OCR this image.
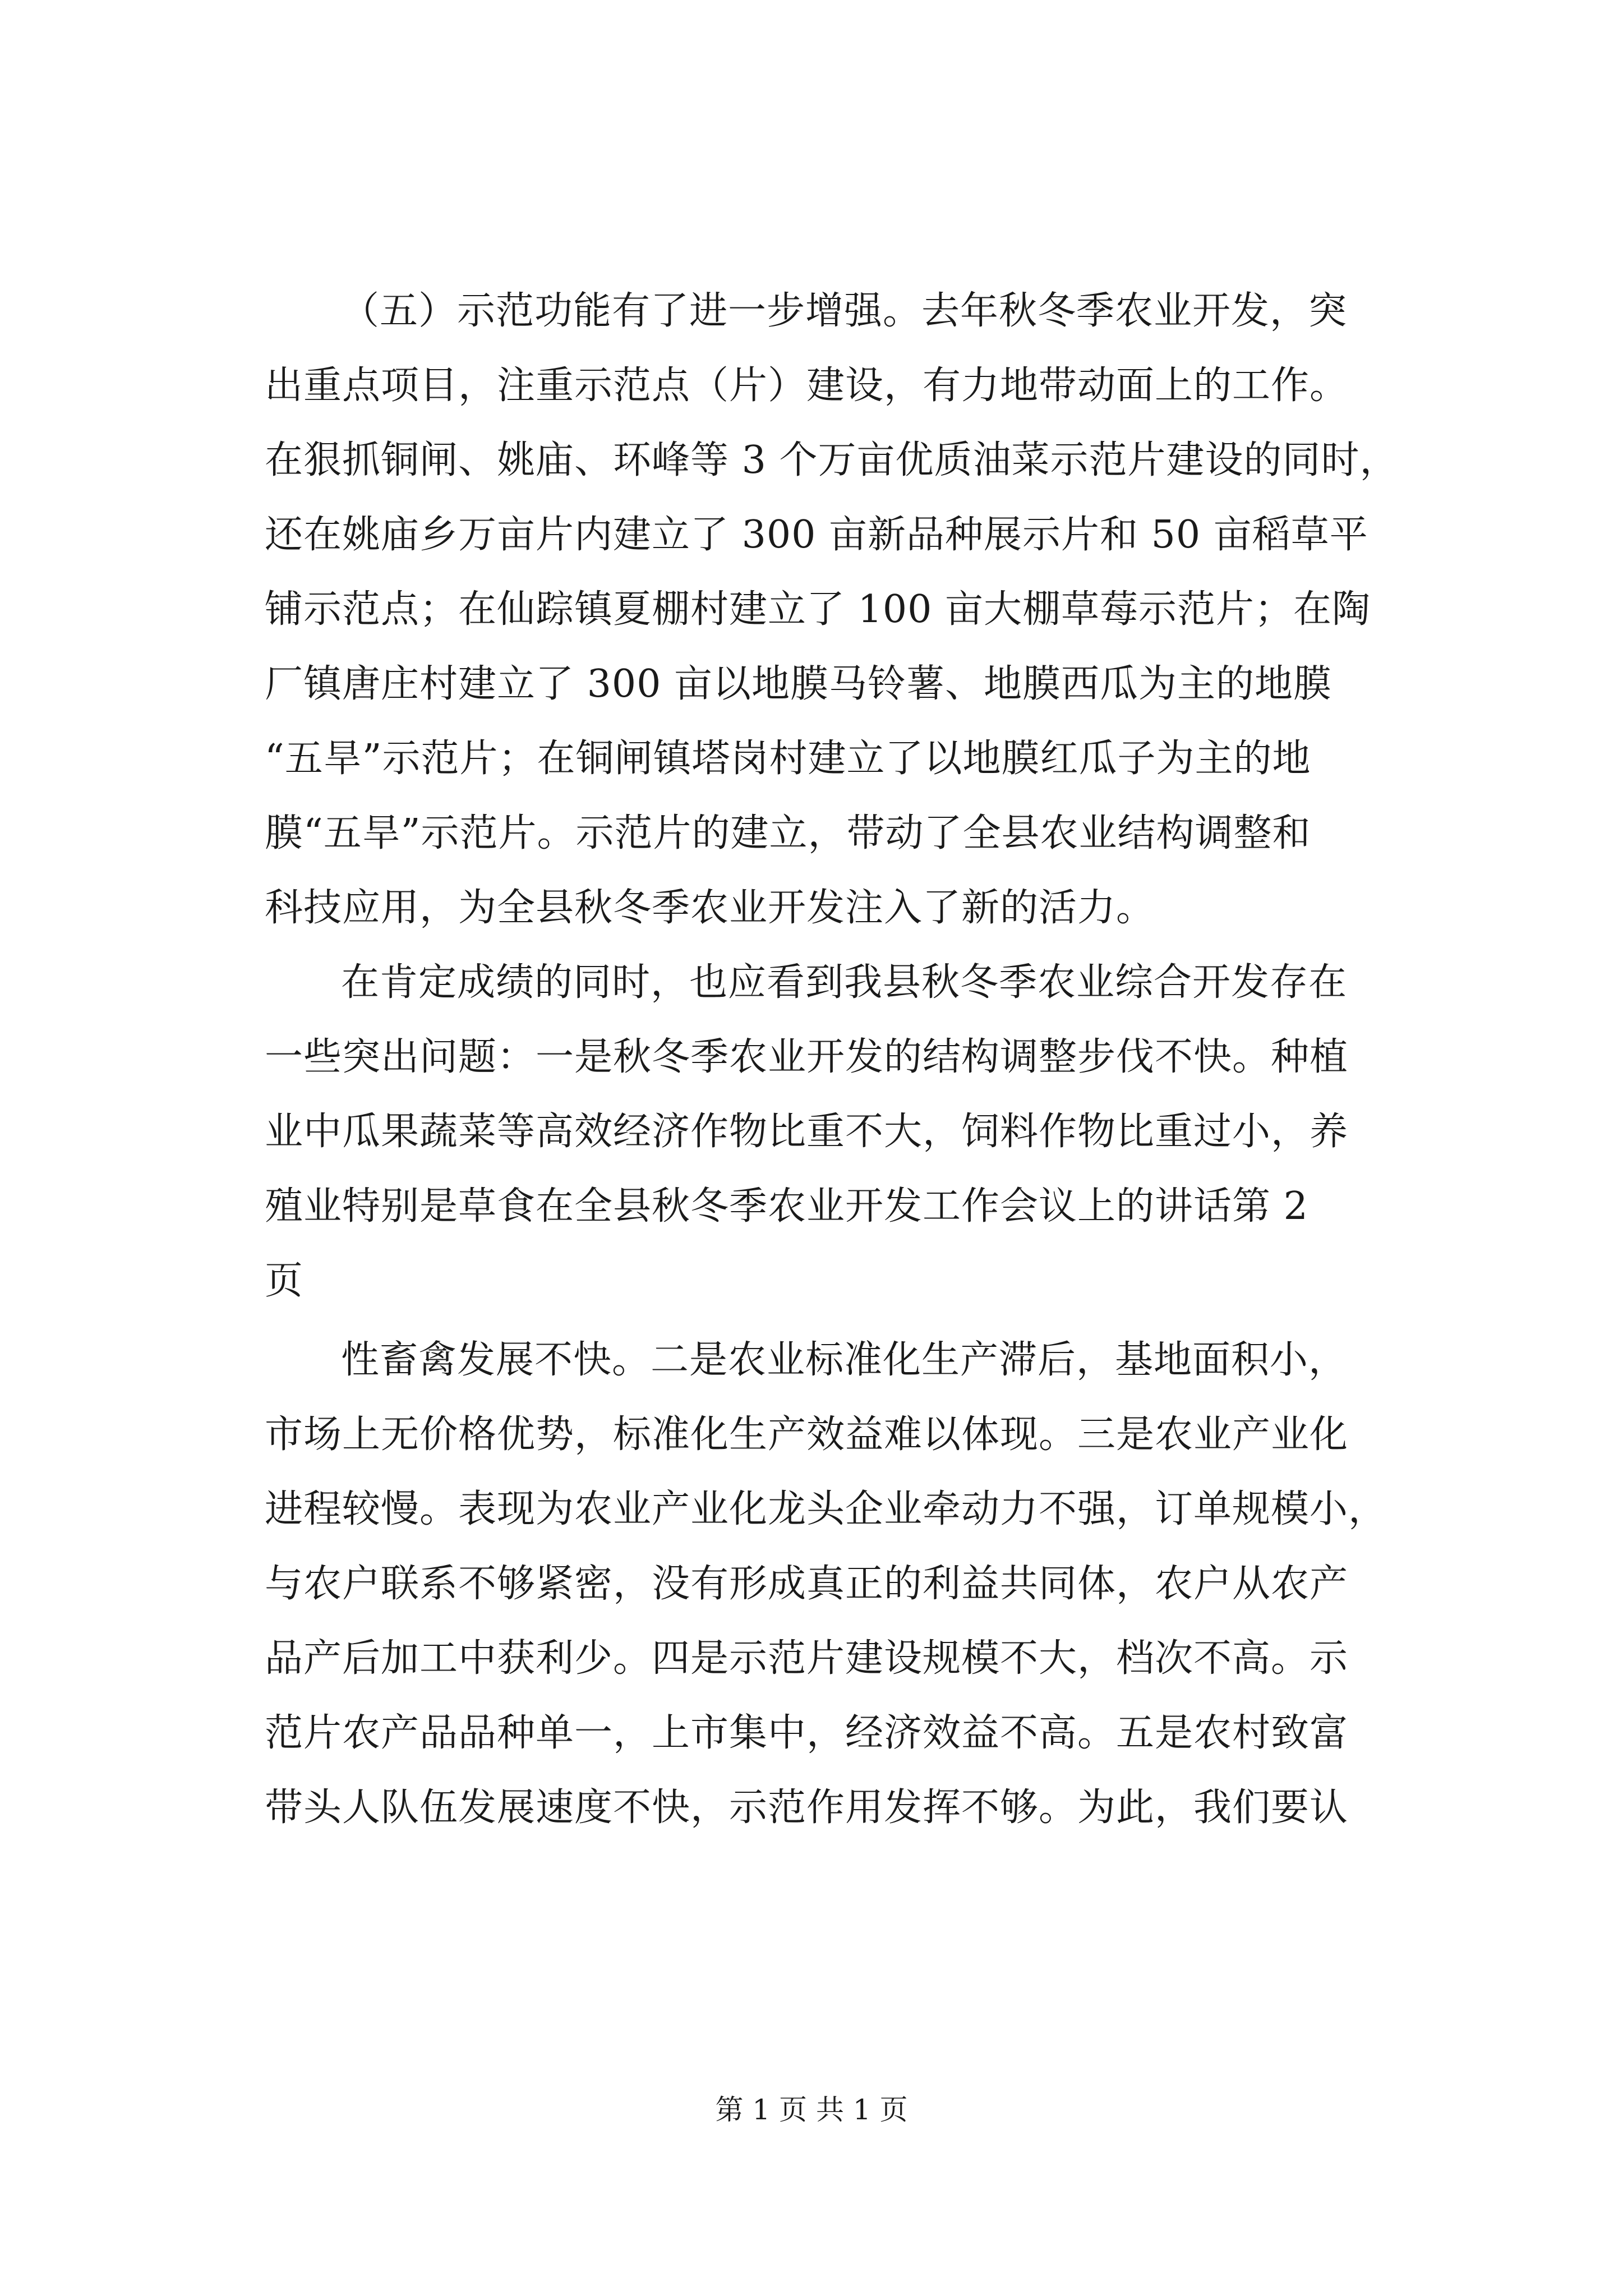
（五）示范功能有了进一步增强。去年秋冬季农业开发，突
出重点项目，注重示范点（片）建设，有力地带动面上的工作。
在狠抓铜闸、姚庙、环峰等 3 个万亩优质油菜示范片建设的同时，
还在姚庙乡万亩片内建立了 300 亩新品种展示片和 50 亩稻草平
铺示范点；在仙踪镇夏棚村建立了 100 亩大棚草莓示范片；在陶
厂镇唐庄村建立了 300 亩以地膜马铃薯、地膜西瓜为主的地膜
“五旱”示范片；在铜闸镇塔岗村建立了以地膜红瓜子为主的地
膜“五旱”示范片。示范片的建立，带动了全县农业结构调整和
科技应用，为全县秋冬季农业开发注入了新的活力。
在肯定成绩的同时，也应看到我县秋冬季农业综合开发存在
一些突出问题：一是秋冬季农业开发的结构调整步伐不快。种植
业中瓜果蔬菜等高效经济作物比重不大，饲料作物比重过小，养
殖业特别是草食在全县秋冬季农业开发工作会议上的讲话第 2
页
性畜禽发展不快。二是农业标准化生产滞后，基地面积小，
市场上无价格优势，标准化生产效益难以体现。三是农业产业化
进程较慢。表现为农业产业化龙头企业牵动力不强，订单规模小，
与农户联系不够紧密，没有形成真正的利益共同体，农户从农产
品产后加工中获利少。四是示范片建设规模不大，档次不高。示
范片农产品品种单一，上市集中，经济效益不高。五是农村致富
带头人队伍发展速度不快，示范作用发挥不够。为此，我们要认
第 1 页 共 1 页
